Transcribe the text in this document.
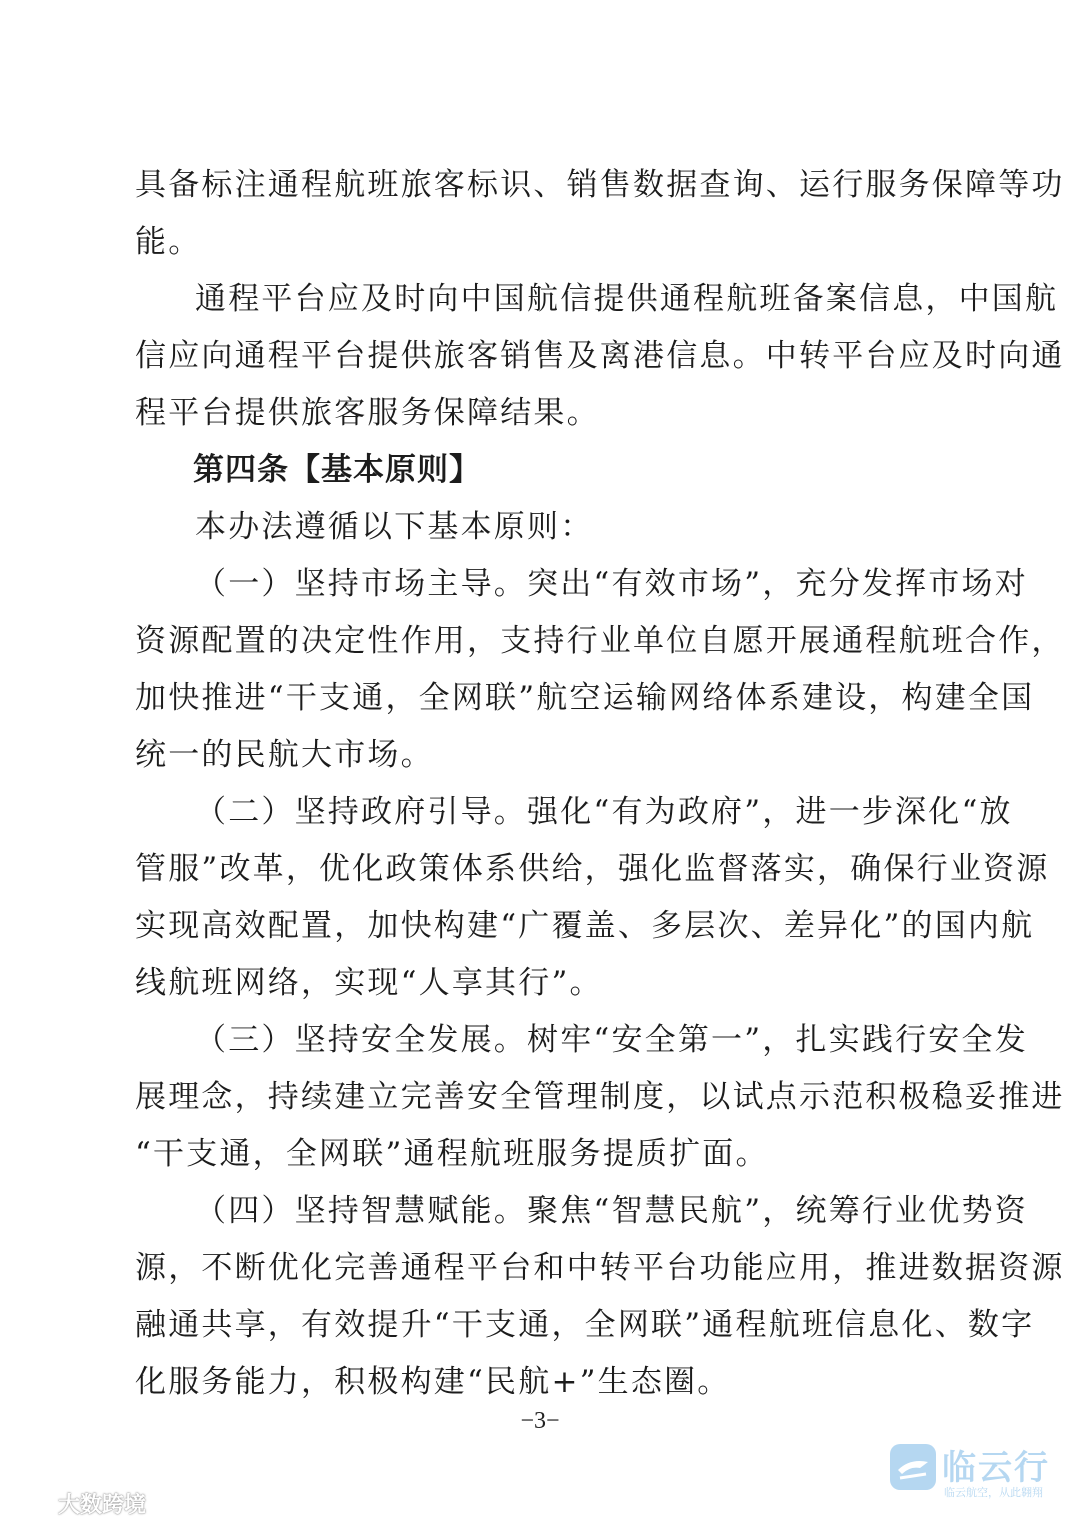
具备标注通程航班旅客标识、销售数据查询、运行服务保障等功
能。
通程平台应及时向中国航信提供通程航班备案信息，中国航
信应向通程平台提供旅客销售及离港信息。中转平台应及时向通
程平台提供旅客服务保障结果。
第四条【基本原则】
本办法遵循以下基本原则：
（一）坚持市场主导。突出“有效市场”，充分发挥市场对
资源配置的决定性作用，支持行业单位自愿开展通程航班合作，
加快推进“干支通，全网联”航空运输网络体系建设，构建全国
统一的民航大市场。
（二）坚持政府引导。强化“有为政府”，进一步深化“放
管服”改革，优化政策体系供给，强化监督落实，确保行业资源
实现高效配置，加快构建“广覆盖、多层次、差异化”的国内航
线航班网络，实现“人享其行”。
（三）坚持安全发展。树牢“安全第一”，扎实践行安全发
展理念，持续建立完善安全管理制度，以试点示范积极稳妥推进
“干支通，全网联”通程航班服务提质扩面。
（四）坚持智慧赋能。聚焦“智慧民航”，统筹行业优势资
源，不断优化完善通程平台和中转平台功能应用，推进数据资源
融通共享，有效提升“干支通，全网联”通程航班信息化、数字
化服务能力，积极构建“民航+”生态圈。
−3−
大数跨境
临云行
临云航空，从此翱翔
